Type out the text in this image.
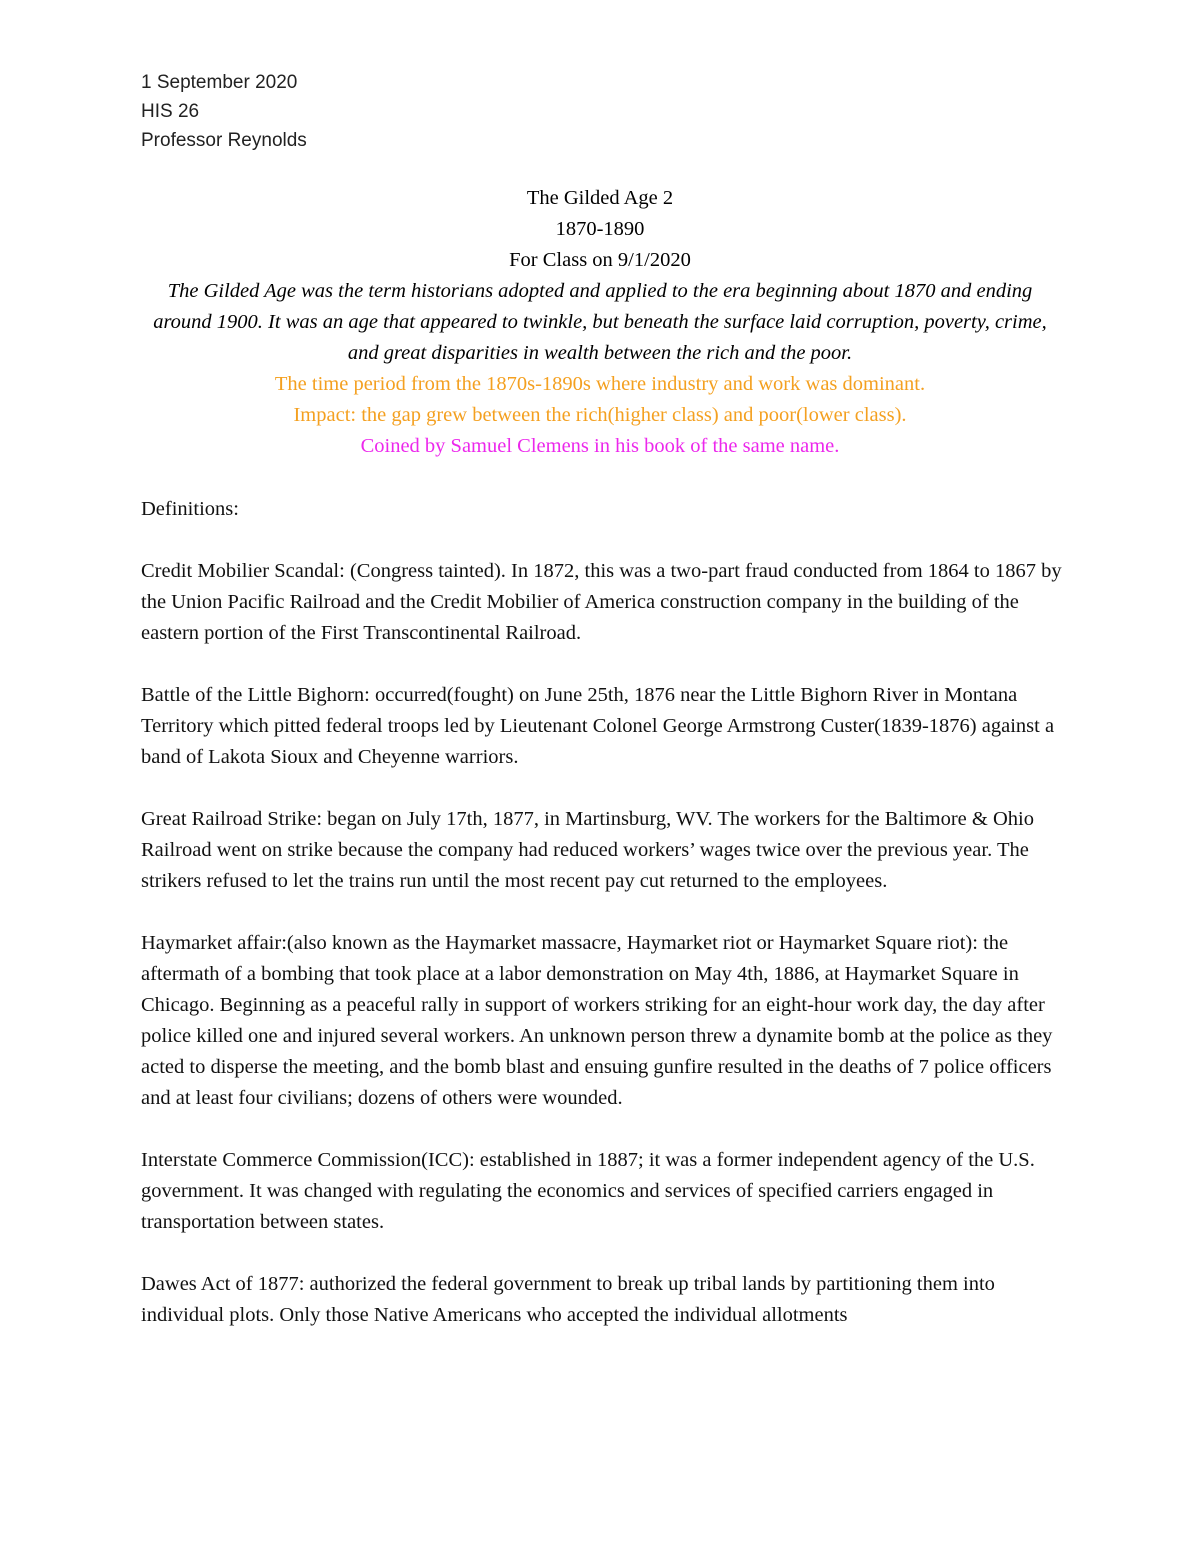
1 September 2020
HIS 26
Professor Reynolds
The Gilded Age 2
1870-1890
For Class on 9/1/2020
The Gilded Age was the term historians adopted and applied to the era beginning about 1870 and ending around 1900. It was an age that appeared to twinkle, but beneath the surface laid corruption, poverty, crime, and great disparities in wealth between the rich and the poor.
The time period from the 1870s-1890s where industry and work was dominant.
Impact: the gap grew between the rich(higher class) and poor(lower class).
Coined by Samuel Clemens in his book of the same name.

Definitions:

Credit Mobilier Scandal: (Congress tainted). In 1872, this was a two-part fraud conducted from 1864 to 1867 by the Union Pacific Railroad and the Credit Mobilier of America construction company in the building of the eastern portion of the First Transcontinental Railroad.

Battle of the Little Bighorn: occurred(fought) on June 25th, 1876 near the Little Bighorn River in Montana Territory which pitted federal troops led by Lieutenant Colonel George Armstrong Custer(1839-1876) against a band of Lakota Sioux and Cheyenne warriors.

Great Railroad Strike: began on July 17th, 1877, in Martinsburg, WV. The workers for the Baltimore & Ohio Railroad went on strike because the company had reduced workers’ wages twice over the previous year. The strikers refused to let the trains run until the most recent pay cut returned to the employees.

Haymarket affair:(also known as the Haymarket massacre, Haymarket riot or Haymarket Square riot): the aftermath of a bombing that took place at a labor demonstration on May 4th, 1886, at Haymarket Square in Chicago. Beginning as a peaceful rally in support of workers striking for an eight-hour work day, the day after police killed one and injured several workers. An unknown person threw a dynamite bomb at the police as they acted to disperse the meeting, and the bomb blast and ensuing gunfire resulted in the deaths of 7 police officers and at least four civilians; dozens of others were wounded.

Interstate Commerce Commission(ICC): established in 1887; it was a former independent agency of the U.S. government. It was changed with regulating the economics and services of specified carriers engaged in transportation between states.

Dawes Act of 1877: authorized the federal government to break up tribal lands by partitioning them into individual plots. Only those Native Americans who accepted the individual allotments
